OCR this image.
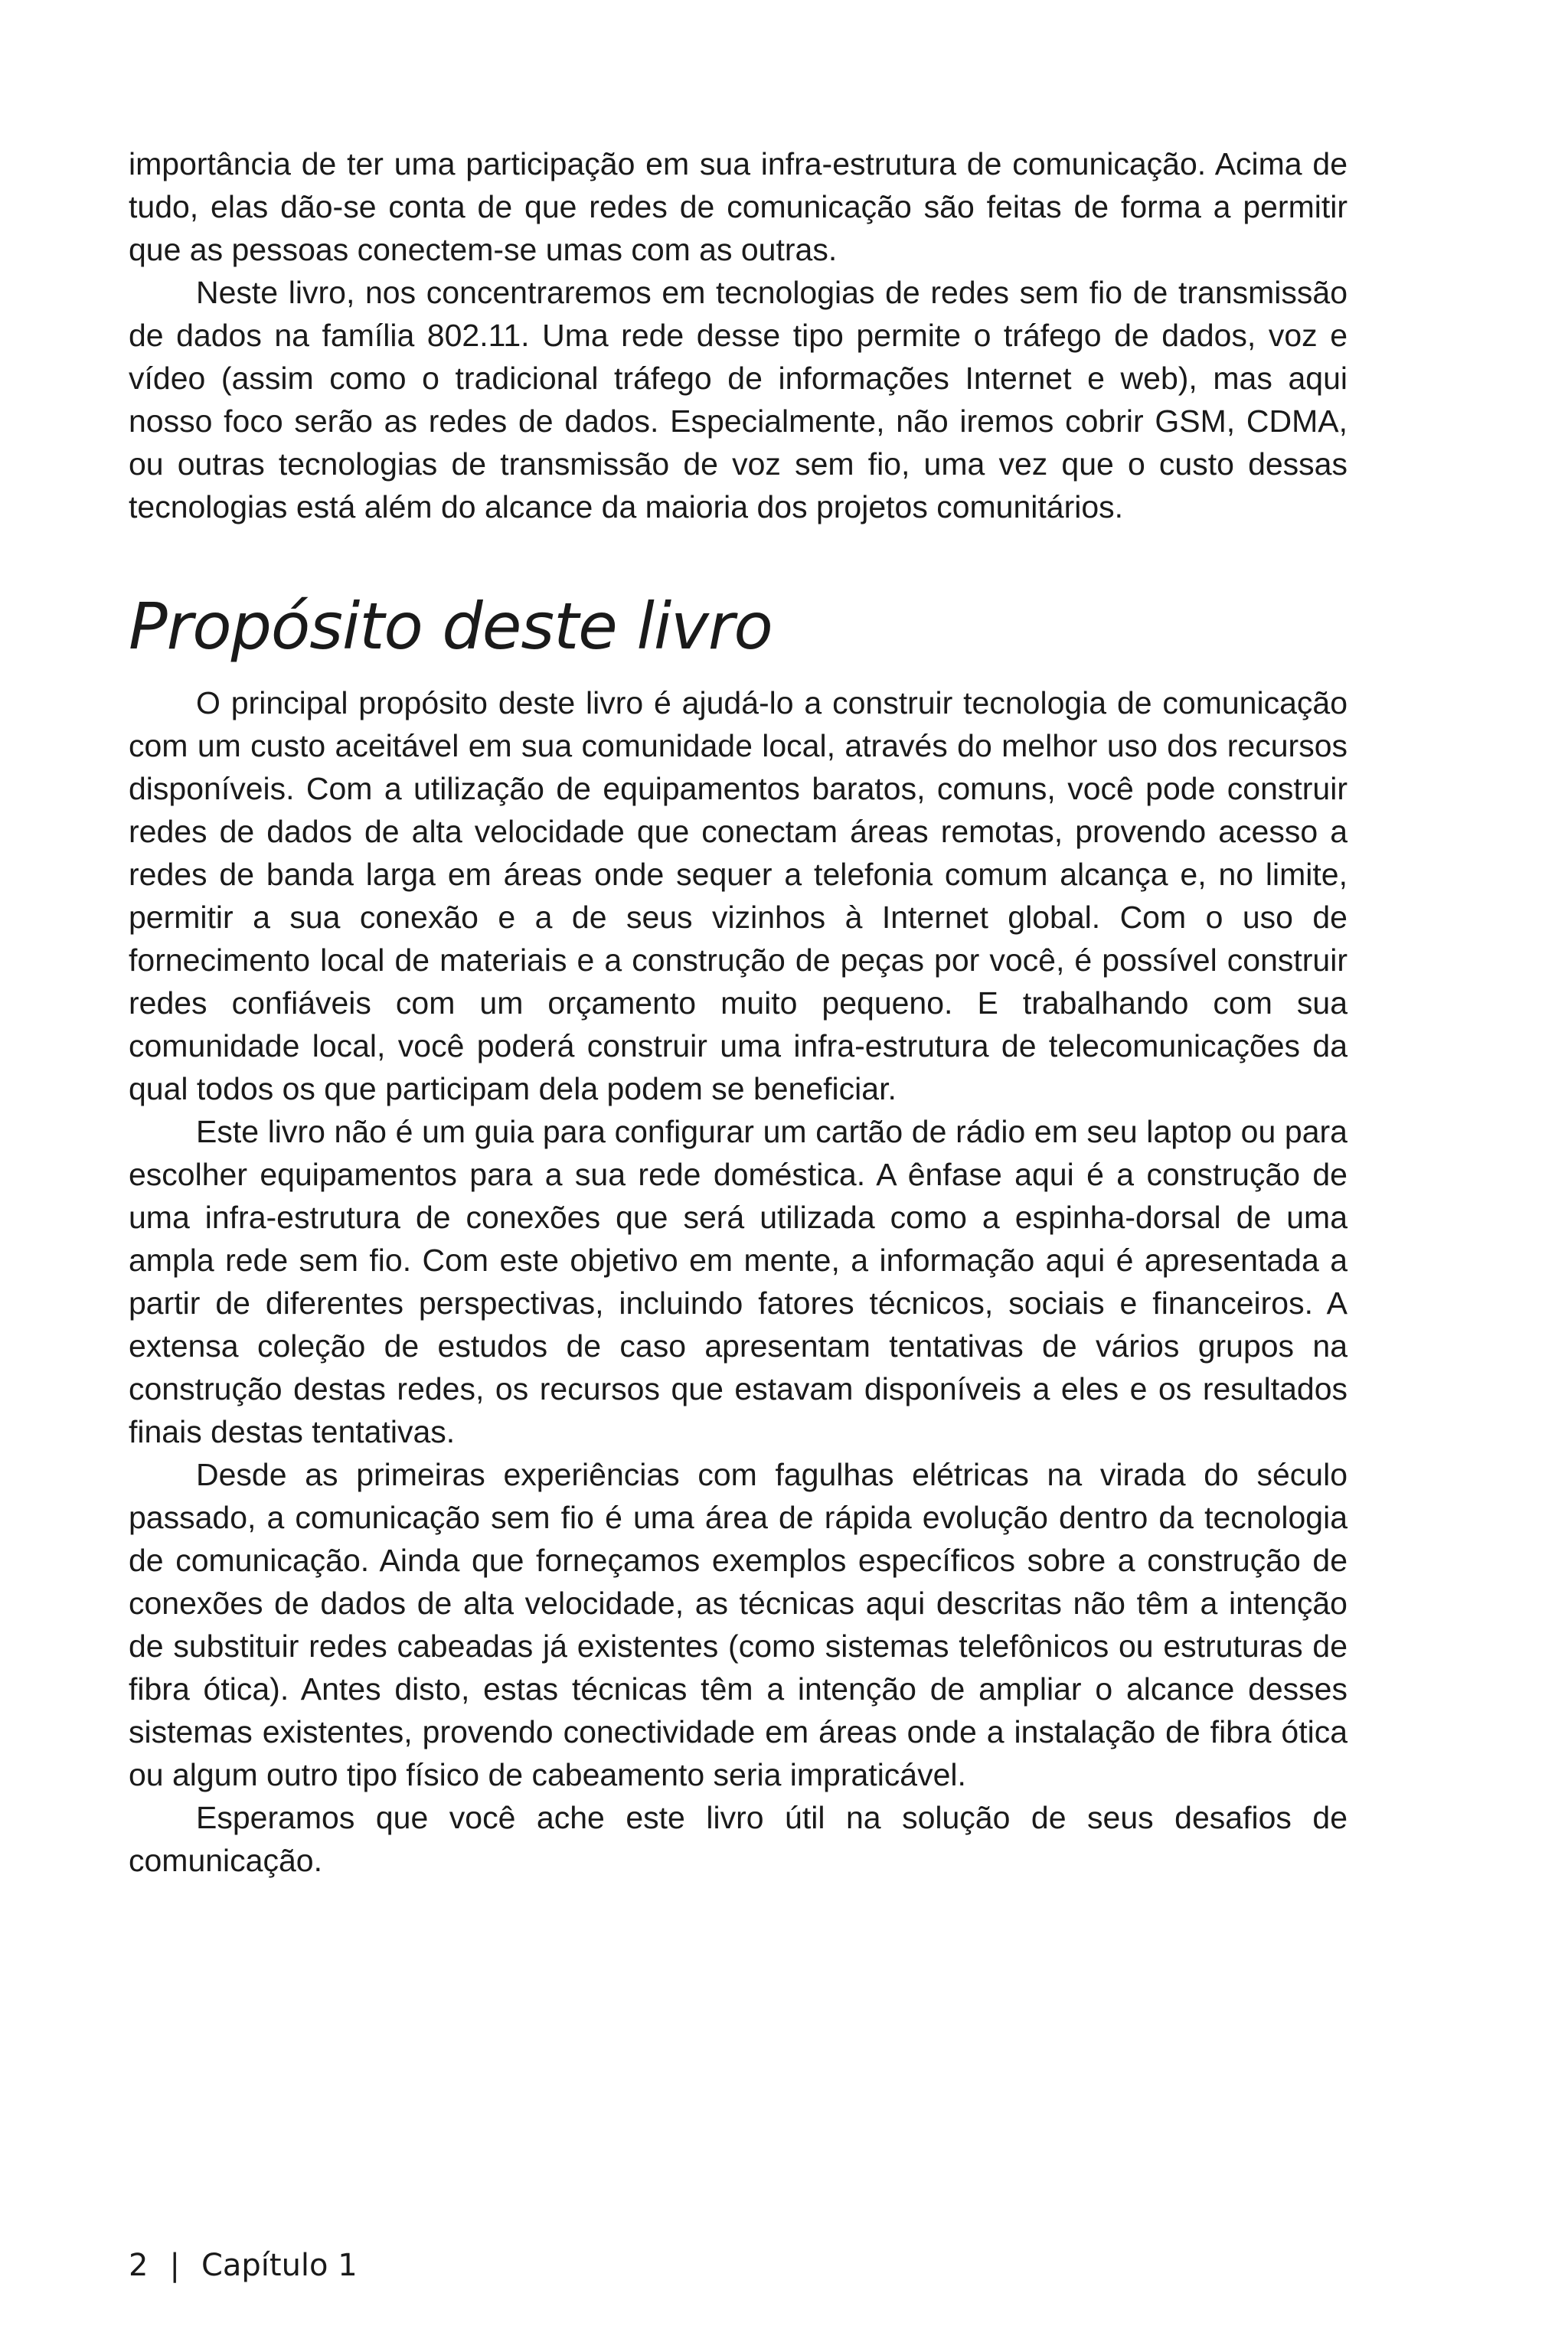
importância de ter uma participação em sua infra-estrutura de comunicação. Acima de tudo, elas dão-se conta de que redes de comunicação são feitas de forma a permitir que as pessoas conectem-se umas com as outras.

Neste livro, nos concentraremos em tecnologias de redes sem fio de transmissão de dados na família 802.11. Uma rede desse tipo permite o tráfego de dados, voz e vídeo (assim como o tradicional tráfego de informações Internet e web), mas aqui nosso foco serão as redes de dados. Especialmente, não iremos cobrir GSM, CDMA, ou outras tecnologias de transmissão de voz sem fio, uma vez que o custo dessas tecnologias está além do alcance da maioria dos projetos comunitários.

Propósito deste livro

O principal propósito deste livro é ajudá-lo a construir tecnologia de comunicação com um custo aceitável em sua comunidade local, através do melhor uso dos recursos disponíveis. Com a utilização de equipamentos baratos, comuns, você pode construir redes de dados de alta velocidade que conectam áreas remotas, provendo acesso a redes de banda larga em áreas onde sequer a telefonia comum alcança e, no limite, permitir a sua conexão e a de seus vizinhos à Internet global. Com o uso de fornecimento local de materiais e a construção de peças por você, é possível construir redes confiáveis com um orçamento muito pequeno. E trabalhando com sua comunidade local, você poderá construir uma infra-estrutura de telecomunicações da qual todos os que participam dela podem se beneficiar.

Este livro não é um guia para configurar um cartão de rádio em seu laptop ou para escolher equipamentos para a sua rede doméstica. A ênfase aqui é a construção de uma infra-estrutura de conexões que será utilizada como a espinha-dorsal de uma ampla rede sem fio. Com este objetivo em mente, a informação aqui é apresentada a partir de diferentes perspectivas, incluindo fatores técnicos, sociais e financeiros. A extensa coleção de estudos de caso apresentam tentativas de vários grupos na construção destas redes, os recursos que estavam disponíveis a eles e os resultados finais destas tentativas.

Desde as primeiras experiências com fagulhas elétricas na virada do século passado, a comunicação sem fio é uma área de rápida evolução dentro da tecnologia de comunicação. Ainda que forneçamos exemplos específicos sobre a construção de conexões de dados de alta velocidade, as técnicas aqui descritas não têm a intenção de substituir redes cabeadas já existentes (como sistemas telefônicos ou estruturas de fibra ótica). Antes disto, estas técnicas têm a intenção de ampliar o alcance desses sistemas existentes, provendo conectividade em áreas onde a instalação de fibra ótica ou algum outro tipo físico de cabeamento seria impraticável.

Esperamos que você ache este livro útil na solução de seus desafios de comunicação.

2 | Capítulo 1
